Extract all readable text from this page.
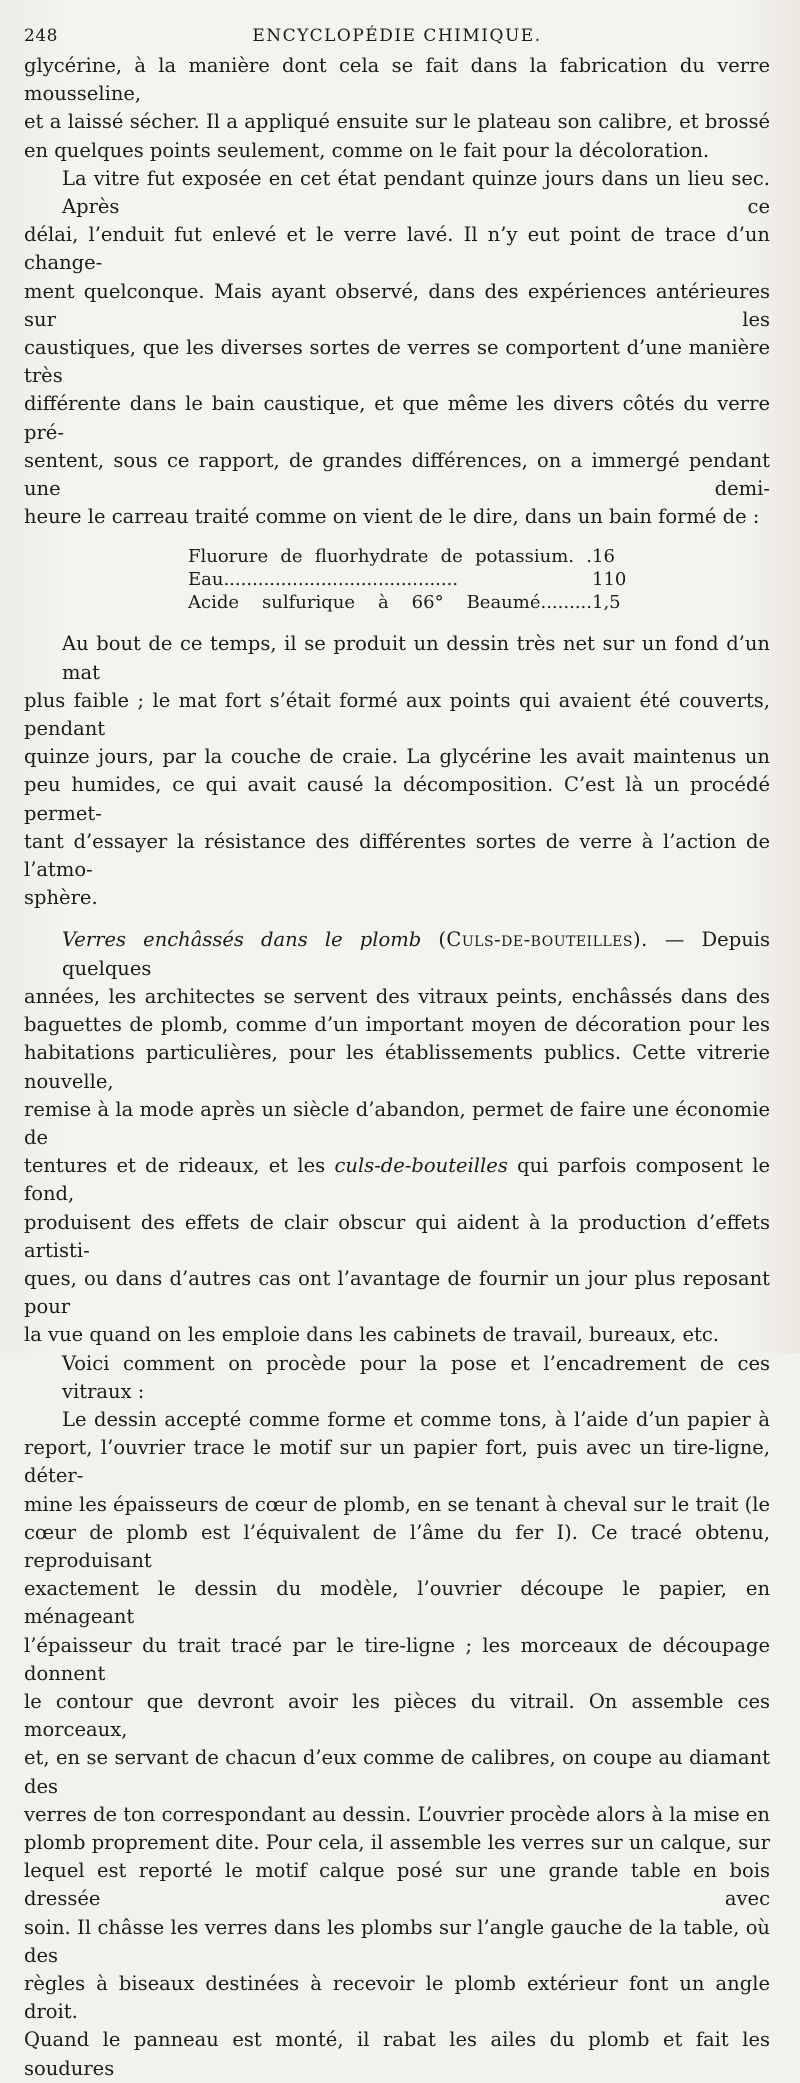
248	ENCYCLOPÉDIE CHIMIQUE.

glycérine, à la manière dont cela se fait dans la fabrication du verre mousseline,
et a laissé sécher. Il a appliqué ensuite sur le plateau son calibre, et brossé
en quelques points seulement, comme on le fait pour la décoloration.

La vitre fut exposée en cet état pendant quinze jours dans un lieu sec. Après ce
délai, l’enduit fut enlevé et le verre lavé. Il n’y eut point de trace d’un change-
ment quelconque. Mais ayant observé, dans des expériences antérieures sur les
caustiques, que les diverses sortes de verres se comportent d’une manière très
différente dans le bain caustique, et que même les divers côtés du verre pré-
sentent, sous ce rapport, de grandes différences, on a immergé pendant une demi-
heure le carreau traité comme on vient de le dire, dans un bain formé de :

Fluorure de fluorhydrate de potassium. . 16
Eau.........................................	110
Acide sulfurique à 66° Beaumé......... 1,5

Au bout de ce temps, il se produit un dessin très net sur un fond d’un mat
plus faible ; le mat fort s’était formé aux points qui avaient été couverts, pendant
quinze jours, par la couche de craie. La glycérine les avait maintenus un
peu humides, ce qui avait causé la décomposition. C’est là un procédé permet-
tant d’essayer la résistance des différentes sortes de verre à l’action de l’atmo-
sphère.

Verres enchâssés dans le plomb (Culs-de-bouteilles). — Depuis quelques
années, les architectes se servent des vitraux peints, enchâssés dans des
baguettes de plomb, comme d’un important moyen de décoration pour les
habitations particulières, pour les établissements publics. Cette vitrerie nouvelle,
remise à la mode après un siècle d’abandon, permet de faire une économie de
tentures et de rideaux, et les culs-de-bouteilles qui parfois composent le fond,
produisent des effets de clair obscur qui aident à la production d’effets artisti-
ques, ou dans d’autres cas ont l’avantage de fournir un jour plus reposant pour
la vue quand on les emploie dans les cabinets de travail, bureaux, etc.

Voici comment on procède pour la pose et l’encadrement de ces vitraux :

Le dessin accepté comme forme et comme tons, à l’aide d’un papier à
report, l’ouvrier trace le motif sur un papier fort, puis avec un tire-ligne, déter-
mine les épaisseurs de cœur de plomb, en se tenant à cheval sur le trait (le
cœur de plomb est l’équivalent de l’âme du fer I). Ce tracé obtenu, reproduisant
exactement le dessin du modèle, l’ouvrier découpe le papier, en ménageant
l’épaisseur du trait tracé par le tire-ligne ; les morceaux de découpage donnent
le contour que devront avoir les pièces du vitrail. On assemble ces morceaux,
et, en se servant de chacun d’eux comme de calibres, on coupe au diamant des
verres de ton correspondant au dessin. L’ouvrier procède alors à la mise en
plomb proprement dite. Pour cela, il assemble les verres sur un calque, sur
lequel est reporté le motif calque posé sur une grande table en bois dressée avec
soin. Il châsse les verres dans les plombs sur l’angle gauche de la table, où des
règles à biseaux destinées à recevoir le plomb extérieur font un angle droit.
Quand le panneau est monté, il rabat les ailes du plomb et fait les soudures
